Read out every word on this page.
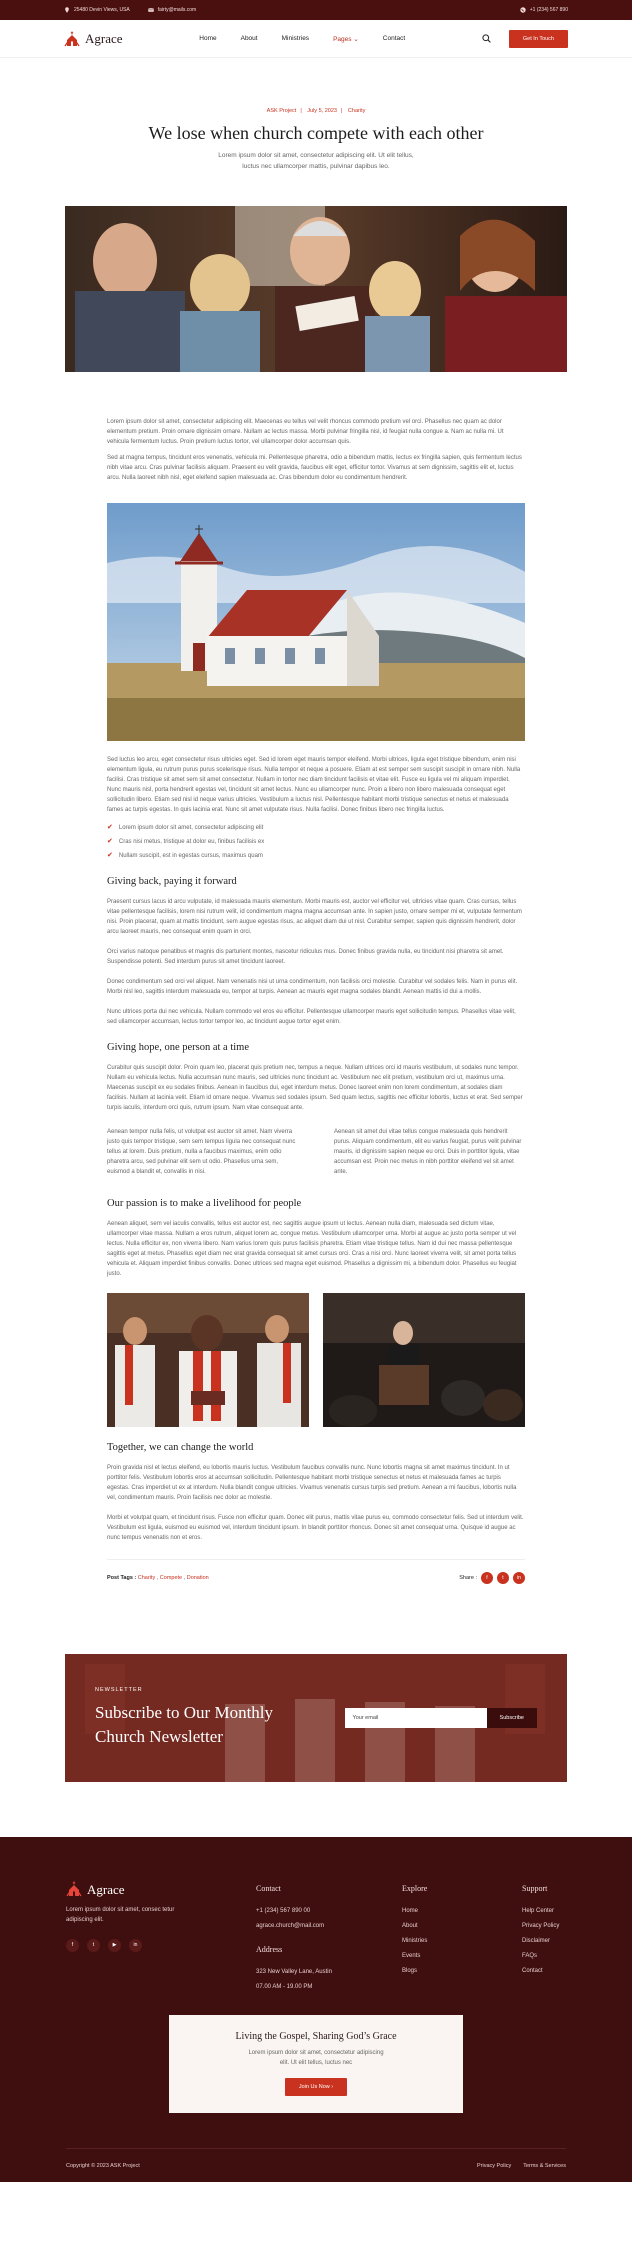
25480 Devin Views, USA	fairty@mails.com	+1 (234) 567 890
Agrace	Home	About	Ministries	Pages ⌄	Contact	Get In Touch
ASK Project | July 5, 2023 | Charity
We lose when church compete with each other

Lorem ipsum dolor sit amet, consectetur adipiscing elit. Ut elit tellus, luctus nec ullamcorper mattis, pulvinar dapibus leo.

Lorem ipsum dolor sit amet, consectetur adipiscing elit. Maecenas eu tellus vel velit rhoncus commodo pretium vel orci. Phasellus nec quam ac dolor elementum pretium. Proin ornare dignissim ornare. Nullam ac lectus massa. Morbi pulvinar fringilla nisl, id feugiat nulla congue a. Nam ac nulla mi. Ut vehicula fermentum luctus. Proin pretium luctus tortor, vel ullamcorper dolor accumsan quis.

Sed at magna tempus, tincidunt eros venenatis, vehicula mi. Pellentesque pharetra, odio a bibendum mattis, lectus ex fringilla sapien, quis fermentum lectus nibh vitae arcu. Cras pulvinar facilisis aliquam. Praesent eu velit gravida, faucibus elit eget, efficitur tortor. Vivamus at sem dignissim, sagittis elit et, luctus arcu. Nulla laoreet nibh nisl, eget eleifend sapien malesuada ac. Cras bibendum dolor eu condimentum hendrerit.

Sed luctus leo arcu, eget consectetur risus ultricies eget. Sed id lorem eget mauris tempor eleifend. Morbi ultrices, ligula eget tristique bibendum, enim nisi elementum ligula, eu rutrum purus purus scelerisque risus. Nulla tempor et neque a posuere. Etiam at est semper sem suscipit suscipit in ornare nibh. Nulla facilisi. Cras tristique sit amet sem sit amet consectetur. Nullam in tortor nec diam tincidunt facilisis et vitae elit. Fusce eu ligula vel mi aliquam imperdiet. Nunc mauris nisl, porta hendrerit egestas vel, tincidunt sit amet lectus. Nunc eu ullamcorper nunc. Proin a libero non libero malesuada consequat eget sollicitudin libero. Etiam sed nisl id neque varius ultricies. Vestibulum a luctus nisl. Pellentesque habitant morbi tristique senectus et netus et malesuada fames ac turpis egestas. In quis lacinia erat. Nunc sit amet vulputate risus. Nulla facilisi. Donec finibus libero nec fringilla luctus.

✔ Lorem ipsum dolor sit amet, consectetur adipiscing elit
✔ Cras nisi metus, tristique at dolor eu, finibus facilisis ex
✔ Nullam suscipit, est in egestas cursus, maximus quam
Giving back, paying it forward

Praesent cursus lacus id arcu vulputate, id malesuada mauris elementum. Morbi mauris est, auctor vel efficitur vel, ultricies vitae quam. Cras cursus, tellus vitae pellentesque facilisis, lorem nisi rutrum velit, id condimentum magna magna accumsan ante. In sapien justo, ornare semper mi et, vulputate fermentum nisi. Proin placerat, quam at mattis tincidunt, sem augue egestas risus, ac aliquet diam dui ut nisl. Curabitur semper, sapien quis dignissim hendrerit, dolor arcu laoreet mauris, nec consequat enim quam in orci.

Orci varius natoque penatibus et magnis dis parturient montes, nascetur ridiculus mus. Donec finibus gravida nulla, eu tincidunt nisi pharetra sit amet. Suspendisse potenti. Sed interdum purus sit amet tincidunt laoreet.

Donec condimentum sed orci vel aliquet. Nam venenatis nisi ut urna condimentum, non facilisis orci molestie. Curabitur vel sodales felis. Nam in purus elit. Morbi nisl leo, sagittis interdum malesuada eu, tempor at turpis. Aenean ac mauris eget magna sodales blandit. Aenean mattis id dui a mollis.

Nunc ultrices porta dui nec vehicula. Nullam commodo vel eros eu efficitur. Pellentesque ullamcorper mauris eget sollicitudin tempus. Phasellus vitae velit, sed ullamcorper accumsan, lectus tortor tempor leo, ac tincidunt augue tortor eget enim.

Giving hope, one person at a time

Curabitur quis suscipit dolor. Proin quam leo, placerat quis pretium nec, tempus a neque. Nullam ultrices orci id mauris vestibulum, ut sodales nunc tempor. Nullam eu vehicula lectus. Nulla accumsan nunc mauris, sed ultricies nunc tincidunt ac. Vestibulum nec elit pretium, vestibulum orci ut, maximus urna. Maecenas suscipit ex eu sodales finibus. Aenean in faucibus dui, eget interdum metus. Donec laoreet enim non lorem condimentum, at sodales diam facilisis. Nullam at lacinia velit. Etiam id ornare neque. Vivamus sed sodales ipsum. Sed quam lectus, sagittis nec efficitur lobortis, luctus et erat. Sed semper turpis iaculis, interdum orci quis, rutrum ipsum. Nam vitae consequat ante.

Aenean tempor nulla felis, ut volutpat est auctor sit amet. Nam viverra justo quis tempor tristique, sem sem tempus ligula nec consequat nunc tellus at lorem. Duis pretium, nulla a faucibus maximus, enim odio pharetra arcu, sed pulvinar elit sem ut odio. Phasellus urna sem, euismod a blandit et, convallis in nisi.

Aenean sit amet dui vitae tellus congue malesuada quis hendrerit purus. Aliquam condimentum, elit eu varius feugiat, purus velit pulvinar mauris, id dignissim sapien neque eu orci. Duis in porttitor ligula, vitae accumsan est. Proin nec metus in nibh porttitor eleifend vel sit amet ante.

Our passion is to make a livelihood for people

Aenean aliquet, sem vel iaculis convallis, tellus est auctor est, nec sagittis augue ipsum ut lectus. Aenean nulla diam, malesuada sed dictum vitae, ullamcorper vitae massa. Nullam a eros rutrum, aliquet lorem ac, congue metus. Vestibulum ullamcorper urna. Morbi at augue ac justo porta semper ut vel lectus. Nulla efficitur ex, non viverra libero. Nam varius lorem quis purus facilisis pharetra. Etiam vitae tristique tellus. Nam id dui nec massa pellentesque sagittis eget at metus. Phasellus eget diam nec erat gravida consequat sit amet cursus orci. Cras a nisi orci. Nunc laoreet viverra velit, sit amet porta tellus vehicula et. Aliquam imperdiet finibus convallis. Donec ultrices sed magna eget euismod. Phasellus a dignissim mi, a bibendum dolor. Phasellus eu feugiat justo.

Together, we can change the world

Proin gravida nisl et lectus eleifend, eu lobortis mauris luctus. Vestibulum faucibus convallis nunc. Nunc lobortis magna sit amet maximus tincidunt. In ut porttitor felis. Vestibulum lobortis eros at accumsan sollicitudin. Pellentesque habitant morbi tristique senectus et netus et malesuada fames ac turpis egestas. Cras imperdiet ut ex at interdum. Nulla blandit congue ultricies. Vivamus venenatis cursus turpis sed pretium. Aenean a mi faucibus, lobortis nulla vel, condimentum mauris. Proin facilisis nec dolor ac molestie.

Morbi et volutpat quam, et tincidunt risus. Fusce non efficitur quam. Donec elit purus, mattis vitae purus eu, commodo consectetur felis. Sed ut interdum velit. Vestibulum est ligula, euismod eu euismod vel, interdum tincidunt ipsum. In blandit porttitor rhoncus. Donec sit amet consequat urna. Quisque id augue ac nunc tempus venenatis non et eros.

Post Tags : Charity , Compete , Donation	Share :	f	t	in
NEWSLETTER
Subscribe to Our Monthly Church Newsletter
Your email	Subscribe
Agrace

Lorem ipsum dolor sit amet, consec tetur adipiscing elit.

f	t	▶	in
Contact
+1 (234) 567 890 00
agrace.church@mail.com
Address
323 New Valley Lane, Austin
07.00 AM - 19.00 PM
Explore
Home
About
Ministries
Events
Blogs
Support
Help Center
Privacy Policy
Disclaimer
FAQs
Contact
Living the Gospel, Sharing God’s Grace

Lorem ipsum dolor sit amet, consectetur adipiscing elit. Ut elit tellus, luctus nec

Join Us Now ›
Copyright © 2023 ASK Project	Privacy Policy Terms & Services
